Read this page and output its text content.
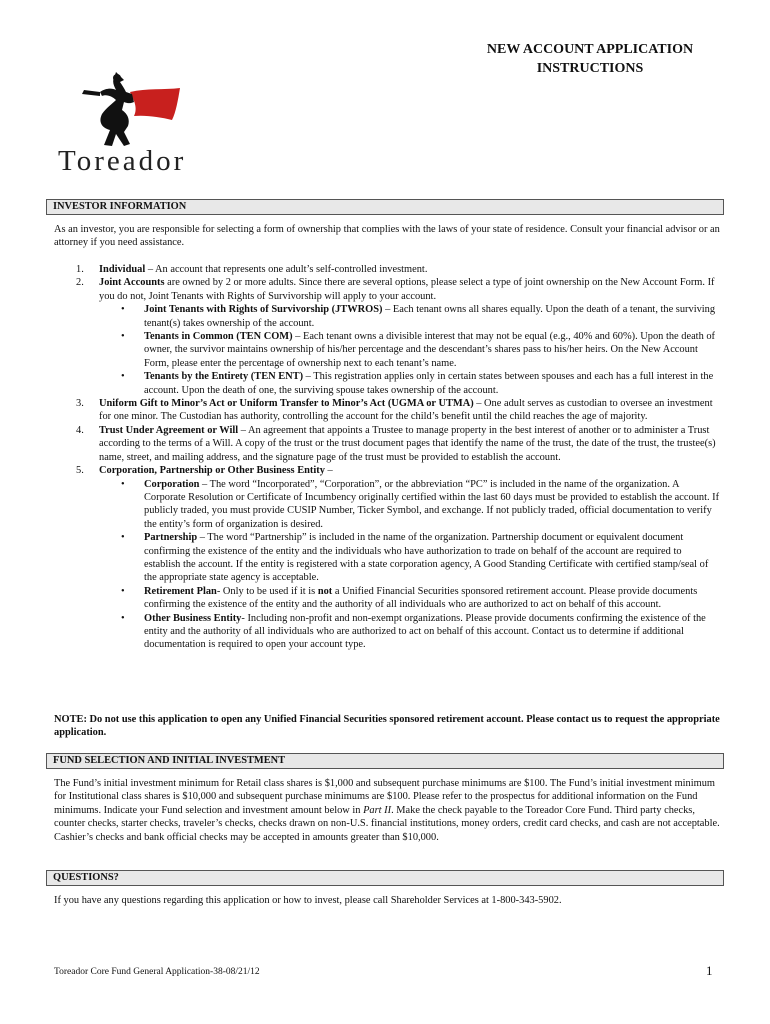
Toreador
NEW ACCOUNT APPLICATION
INSTRUCTIONS
INVESTOR INFORMATION

As an investor, you are responsible for selecting a form of ownership that complies with the laws of your state of residence. Consult your financial advisor or an attorney if you need assistance.

1. Individual – An account that represents one adult’s self-controlled investment.
2. Joint Accounts are owned by 2 or more adults. Since there are several options, please select a type of joint ownership on the New Account Form. If you do not, Joint Tenants with Rights of Survivorship will apply to your account.
• Joint Tenants with Rights of Survivorship (JTWROS) – Each tenant owns all shares equally. Upon the death of a tenant, the surviving tenant(s) takes ownership of the account.
• Tenants in Common (TEN COM) – Each tenant owns a divisible interest that may not be equal (e.g., 40% and 60%). Upon the death of owner, the survivor maintains ownership of his/her percentage and the descendant’s shares pass to his/her heirs. On the New Account Form, please enter the percentage of ownership next to each tenant’s name.
• Tenants by the Entirety (TEN ENT) – This registration applies only in certain states between spouses and each has a full interest in the account. Upon the death of one, the surviving spouse takes ownership of the account.
3. Uniform Gift to Minor’s Act or Uniform Transfer to Minor’s Act (UGMA or UTMA) – One adult serves as custodian to oversee an investment for one minor. The Custodian has authority, controlling the account for the child’s benefit until the child reaches the age of majority.
4. Trust Under Agreement or Will – An agreement that appoints a Trustee to manage property in the best interest of another or to administer a Trust according to the terms of a Will. A copy of the trust or the trust document pages that identify the name of the trust, the date of the trust, the trustee(s) name, street, and mailing address, and the signature page of the trust must be provided to establish the account.
5. Corporation, Partnership or Other Business Entity –
• Corporation – The word “Incorporated”, “Corporation”, or the abbreviation “PC” is included in the name of the organization. A Corporate Resolution or Certificate of Incumbency originally certified within the last 60 days must be provided to establish the account. If publicly traded, you must provide CUSIP Number, Ticker Symbol, and exchange. If not publicly traded, official documentation to verify the entity’s form of organization is desired.
• Partnership – The word “Partnership” is included in the name of the organization. Partnership document or equivalent document confirming the existence of the entity and the individuals who have authorization to trade on behalf of the account are required to establish the account. If the entity is registered with a state corporation agency, A Good Standing Certificate with certified stamp/seal of the appropriate state agency is acceptable.
• Retirement Plan- Only to be used if it is not a Unified Financial Securities sponsored retirement account. Please provide documents confirming the existence of the entity and the authority of all individuals who are authorized to act on behalf of this account.
• Other Business Entity- Including non-profit and non-exempt organizations. Please provide documents confirming the existence of the entity and the authority of all individuals who are authorized to act on behalf of this account. Contact us to determine if additional documentation is required to open your account type.
NOTE: Do not use this application to open any Unified Financial Securities sponsored retirement account. Please contact us to request the appropriate application.
FUND SELECTION AND INITIAL INVESTMENT

The Fund’s initial investment minimum for Retail class shares is $1,000 and subsequent purchase minimums are $100. The Fund’s initial investment minimum for Institutional class shares is $10,000 and subsequent purchase minimums are $100. Please refer to the prospectus for additional information on the Fund minimums. Indicate your Fund selection and investment amount below in Part II. Make the check payable to the Toreador Core Fund. Third party checks, counter checks, starter checks, traveler’s checks, checks drawn on non-U.S. financial institutions, money orders, credit card checks, and cash are not acceptable. Cashier’s checks and bank official checks may be accepted in amounts greater than $10,000.

QUESTIONS?

If you have any questions regarding this application or how to invest, please call Shareholder Services at 1-800-343-5902.

Toreador Core Fund General Application-38-08/21/12	1
